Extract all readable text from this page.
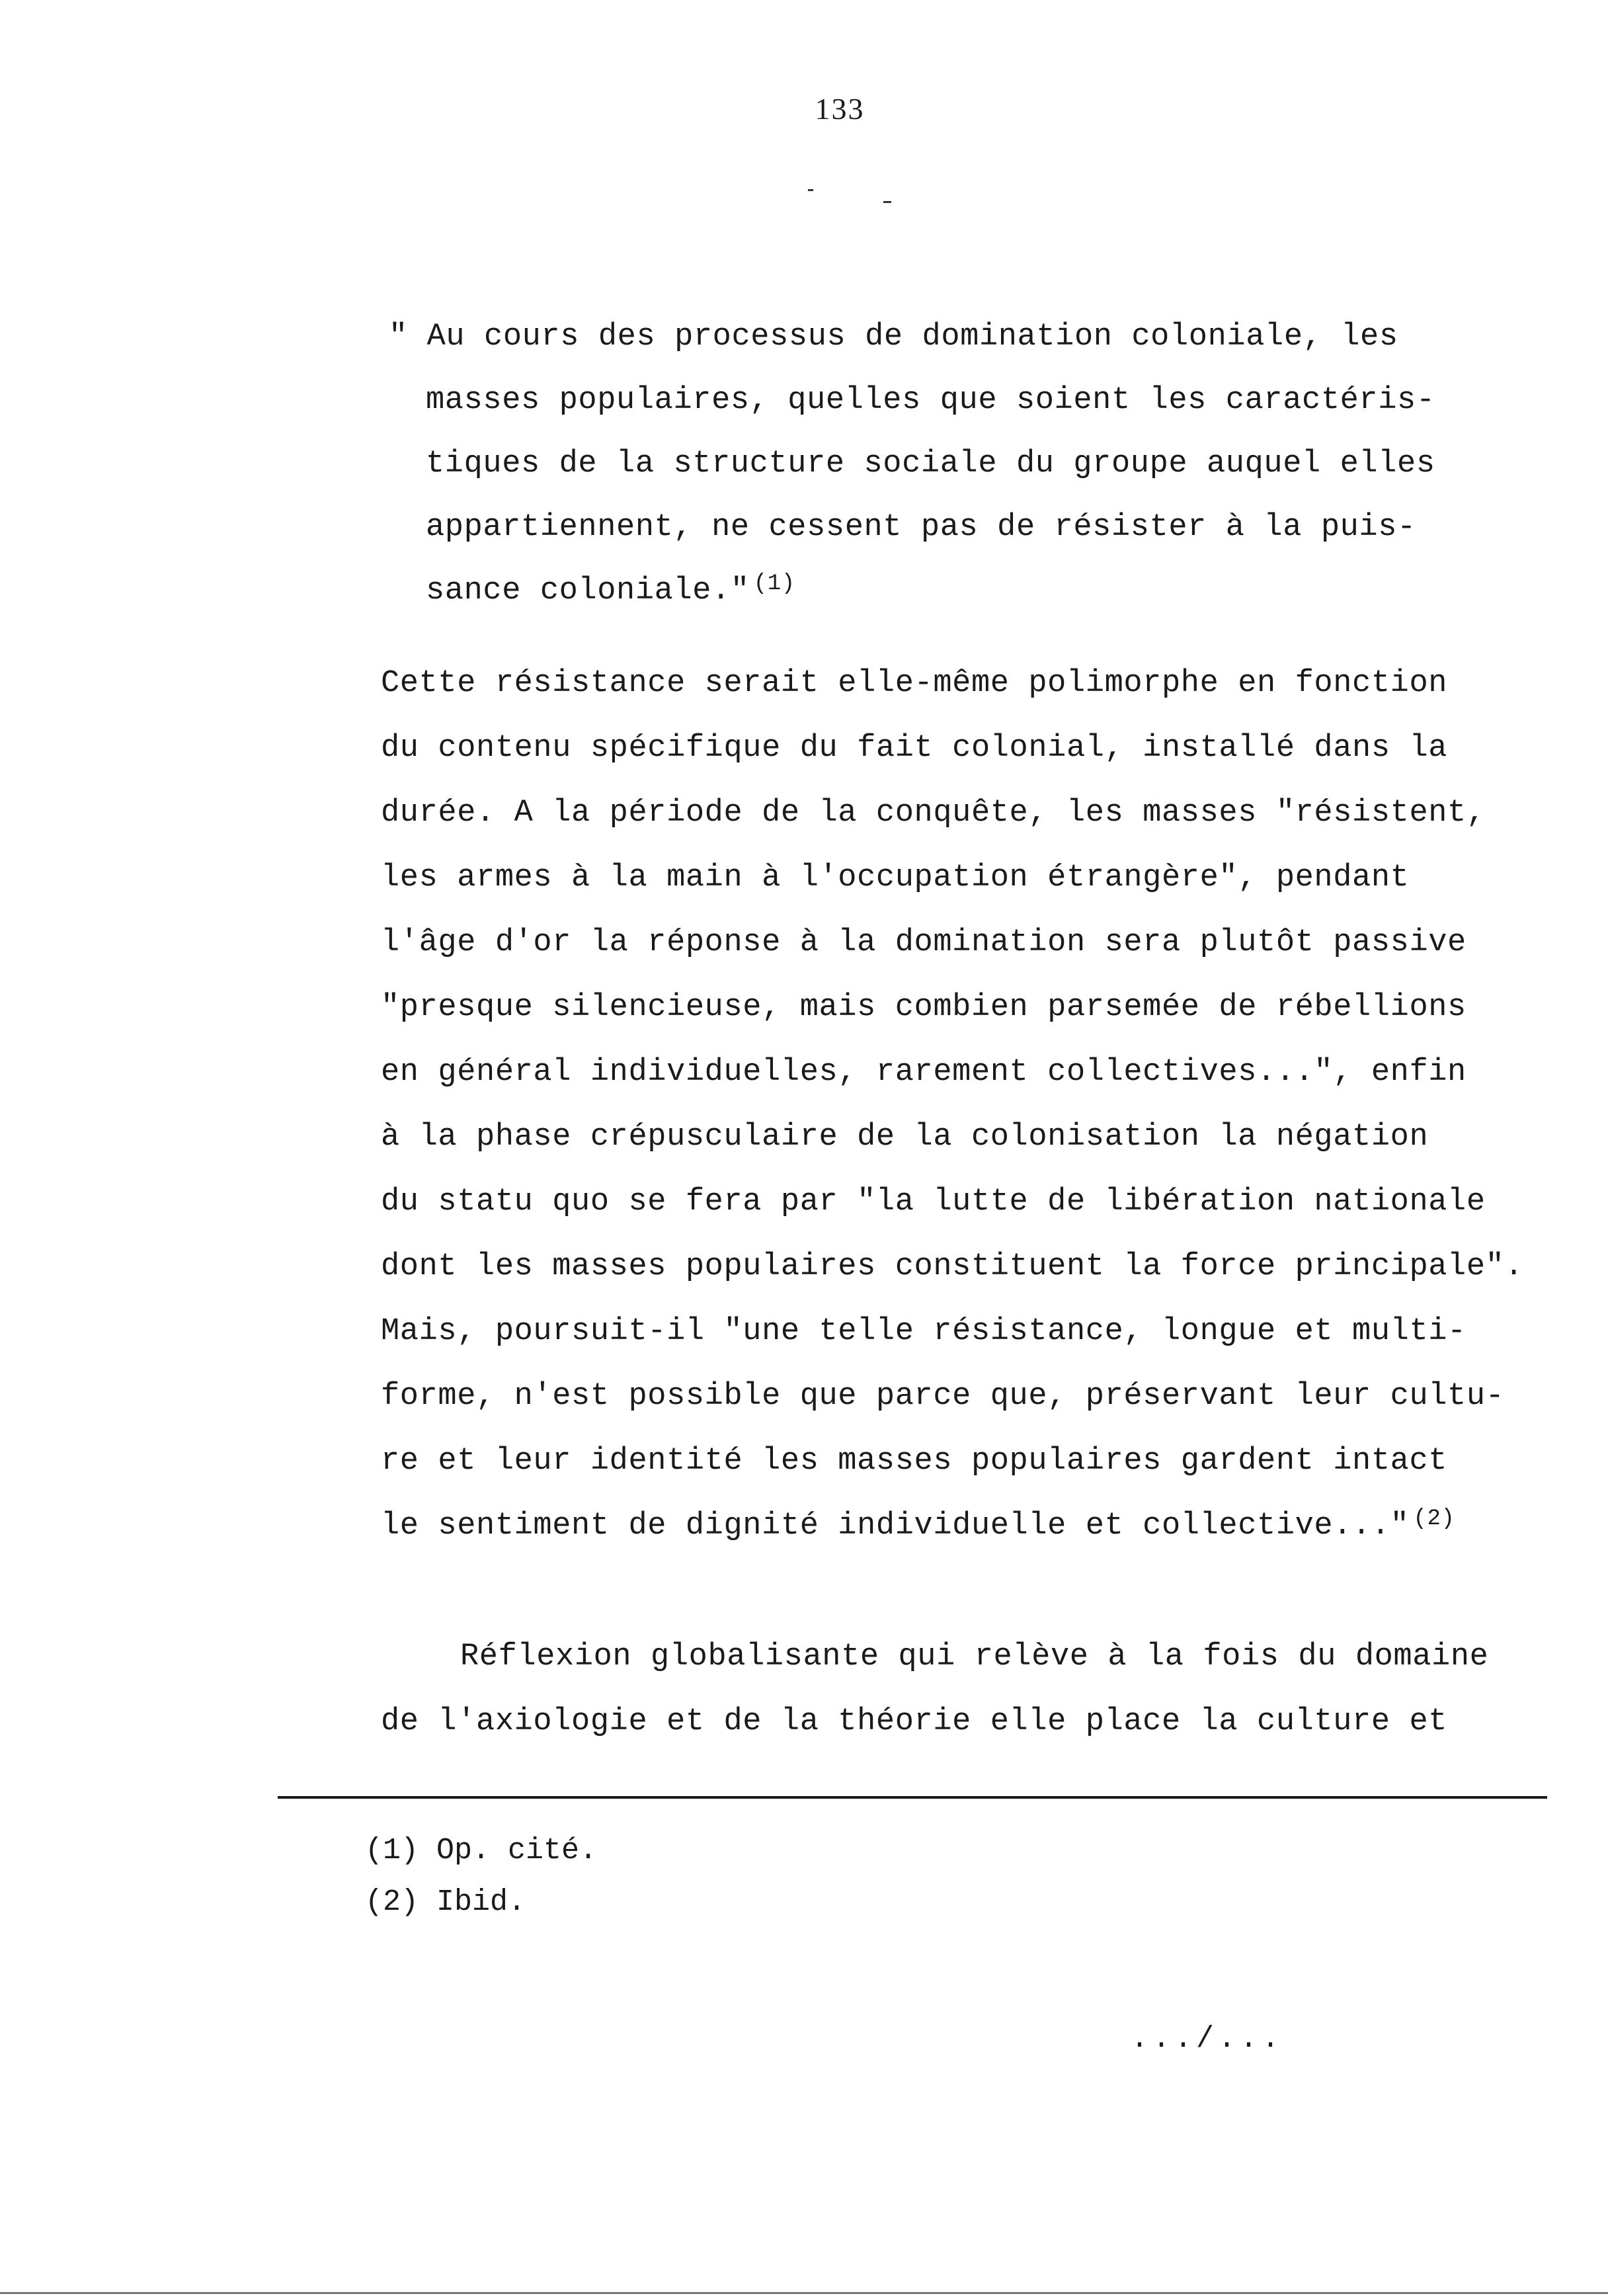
133
" Au cours des processus de domination coloniale, les
masses populaires, quelles que soient les caractéris-
tiques de la structure sociale du groupe auquel elles
appartiennent, ne cessent pas de résister à la puis-
sance coloniale." $^{(1)}$
Cette résistance serait elle-même polimorphe en fonction
du contenu spécifique du fait colonial, installé dans la
durée. A la période de la conquête, les masses "résistent,
les armes à la main à l'occupation étrangère", pendant
l'âge d'or la réponse à la domination sera plutôt passive
"presque silencieuse, mais combien parsemée de rébellions
en général individuelles, rarement collectives...", enfin
à la phase crépusculaire de la colonisation la négation
du statu quo se fera par "la lutte de libération nationale
dont les masses populaires constituent la force principale".
Mais, poursuit-il "une telle résistance, longue et multi-
forme, n'est possible que parce que, préservant leur cultu-
re et leur identité les masses populaires gardent intact
le sentiment de dignité individuelle et collective..." $^{(2)}$
Réflexion globalisante qui relève à la fois du domaine
de l'axiologie et de la théorie elle place la culture et
(1) Op. cité.
(2) Ibid.
.../...
